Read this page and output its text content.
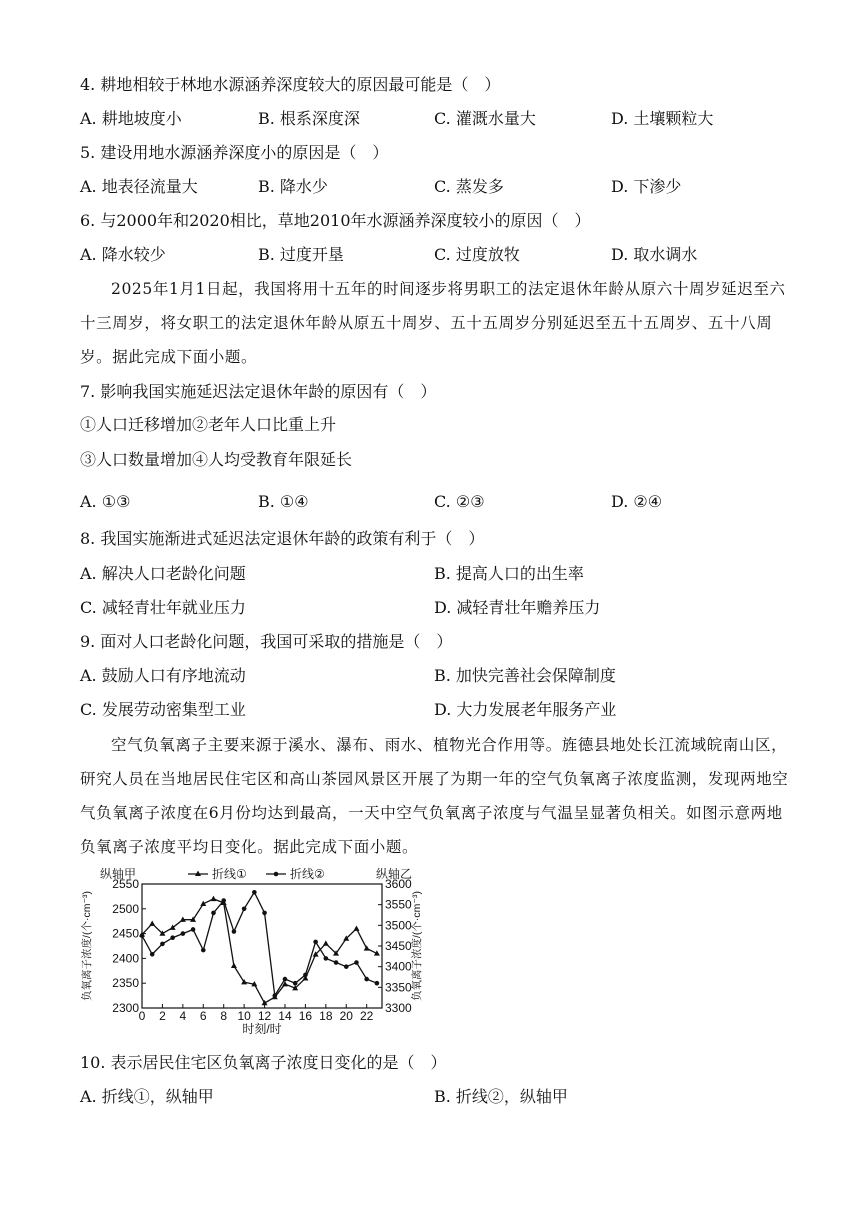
4. 耕地相较于林地水源涵养深度较大的原因最可能是（　）
A. 耕地坡度小	B. 根系深度深	C. 灌溉水量大	D. 土壤颗粒大
5. 建设用地水源涵养深度小的原因是（　）
A. 地表径流量大	B. 降水少	C. 蒸发多	D. 下渗少
6. 与2000年和2020相比，草地2010年水源涵养深度较小的原因（　）
A. 降水较少	B. 过度开垦	C. 过度放牧	D. 取水调水
2025年1月1日起，我国将用十五年的时间逐步将男职工的法定退休年龄从原六十周岁延迟至六十三周岁，将女职工的法定退休年龄从原五十周岁、五十五周岁分别延迟至五十五周岁、五十八周岁。据此完成下面小题。
7. 影响我国实施延迟法定退休年龄的原因有（　）
①人口迁移增加②老年人口比重上升
③人口数量增加④人均受教育年限延长
A. ①③	B. ①④	C. ②③	D. ②④
8. 我国实施渐进式延迟法定退休年龄的政策有利于（　）
A. 解决人口老龄化问题	B. 提高人口的出生率
C. 减轻青壮年就业压力	D. 减轻青壮年赡养压力
9. 面对人口老龄化问题，我国可采取的措施是（　）
A. 鼓励人口有序地流动	B. 加快完善社会保障制度
C. 发展劳动密集型工业	D. 大力发展老年服务产业
空气负氧离子主要来源于溪水、瀑布、雨水、植物光合作用等。旌德县地处长江流域皖南山区，研究人员在当地居民住宅区和高山茶园风景区开展了为期一年的空气负氧离子浓度监测，发现两地空气负氧离子浓度在6月份均达到最高，一天中空气负氧离子浓度与气温呈显著负相关。如图示意两地负氧离子浓度平均日变化。据此完成下面小题。
2300
2350
2400
2450
2500
2550
3300
3350
3400
3450
3500
3550
3600
0 2 4 6 8 10 12 14 16 18 20 22
时刻/时
纵轴甲	纵轴乙
负氧离子浓度/(个·cm⁻³)	负氧离子浓度/(个·cm⁻³)
折线①	折线②
10. 表示居民住宅区负氧离子浓度日变化的是（　）
A. 折线①，纵轴甲	B. 折线②，纵轴甲
